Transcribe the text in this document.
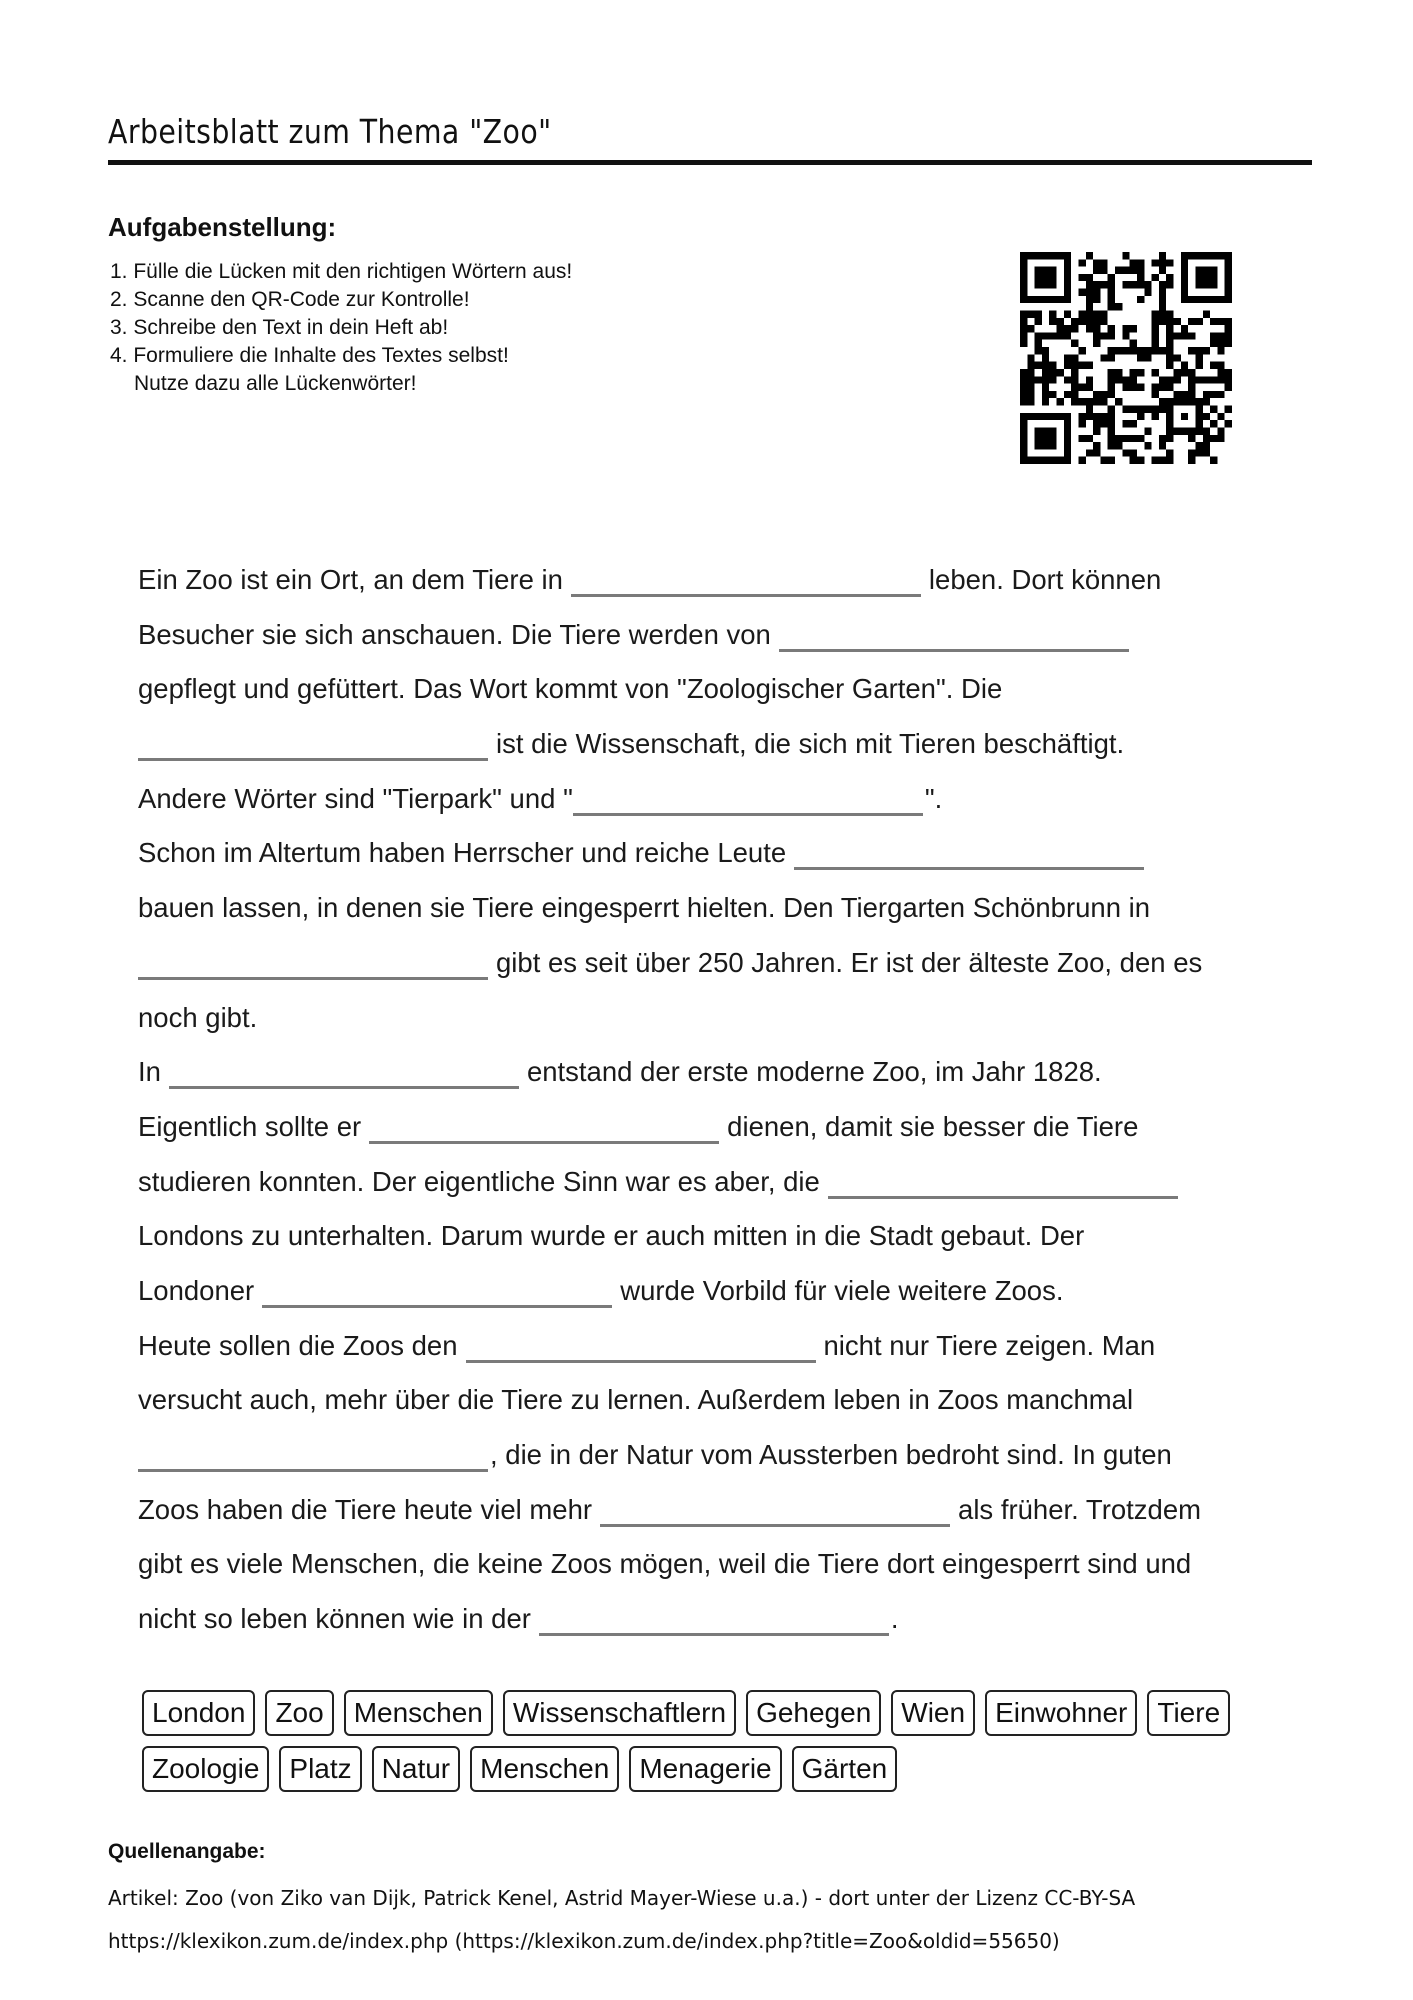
Arbeitsblatt zum Thema "Zoo"
Aufgabenstellung:
1. Fülle die Lücken mit den richtigen Wörtern aus!
2. Scanne den QR-Code zur Kontrolle!
3. Schreibe den Text in dein Heft ab!
4. Formuliere die Inhalte des Textes selbst!
Nutze dazu alle Lückenwörter!
Ein Zoo ist ein Ort, an dem Tiere in	leben. Dort können
Besucher sie sich anschauen. Die Tiere werden von
gepflegt und gefüttert. Das Wort kommt von "Zoologischer Garten". Die
ist die Wissenschaft, die sich mit Tieren beschäftigt.
Andere Wörter sind "Tierpark" und "	".
Schon im Altertum haben Herrscher und reiche Leute
bauen lassen, in denen sie Tiere eingesperrt hielten. Den Tiergarten Schönbrunn in
gibt es seit über 250 Jahren. Er ist der älteste Zoo, den es
noch gibt.
In	entstand der erste moderne Zoo, im Jahr 1828.
Eigentlich sollte er	dienen, damit sie besser die Tiere
studieren konnten. Der eigentliche Sinn war es aber, die
Londons zu unterhalten. Darum wurde er auch mitten in die Stadt gebaut. Der
Londoner	wurde Vorbild für viele weitere Zoos.
Heute sollen die Zoos den	nicht nur Tiere zeigen. Man
versucht auch, mehr über die Tiere zu lernen. Außerdem leben in Zoos manchmal
, die in der Natur vom Aussterben bedroht sind. In guten
Zoos haben die Tiere heute viel mehr	als früher. Trotzdem
gibt es viele Menschen, die keine Zoos mögen, weil die Tiere dort eingesperrt sind und
nicht so leben können wie in der	.
London	Zoo	Menschen	Wissenschaftlern	Gehegen	Wien	Einwohner	Tiere
Zoologie	Platz	Natur	Menschen	Menagerie	Gärten
Quellenangabe:
Artikel: Zoo (von Ziko van Dijk, Patrick Kenel, Astrid Mayer-Wiese u.a.) - dort unter der Lizenz CC-BY-SA
https://klexikon.zum.de/index.php (https://klexikon.zum.de/index.php?title=Zoo&oldid=55650)
